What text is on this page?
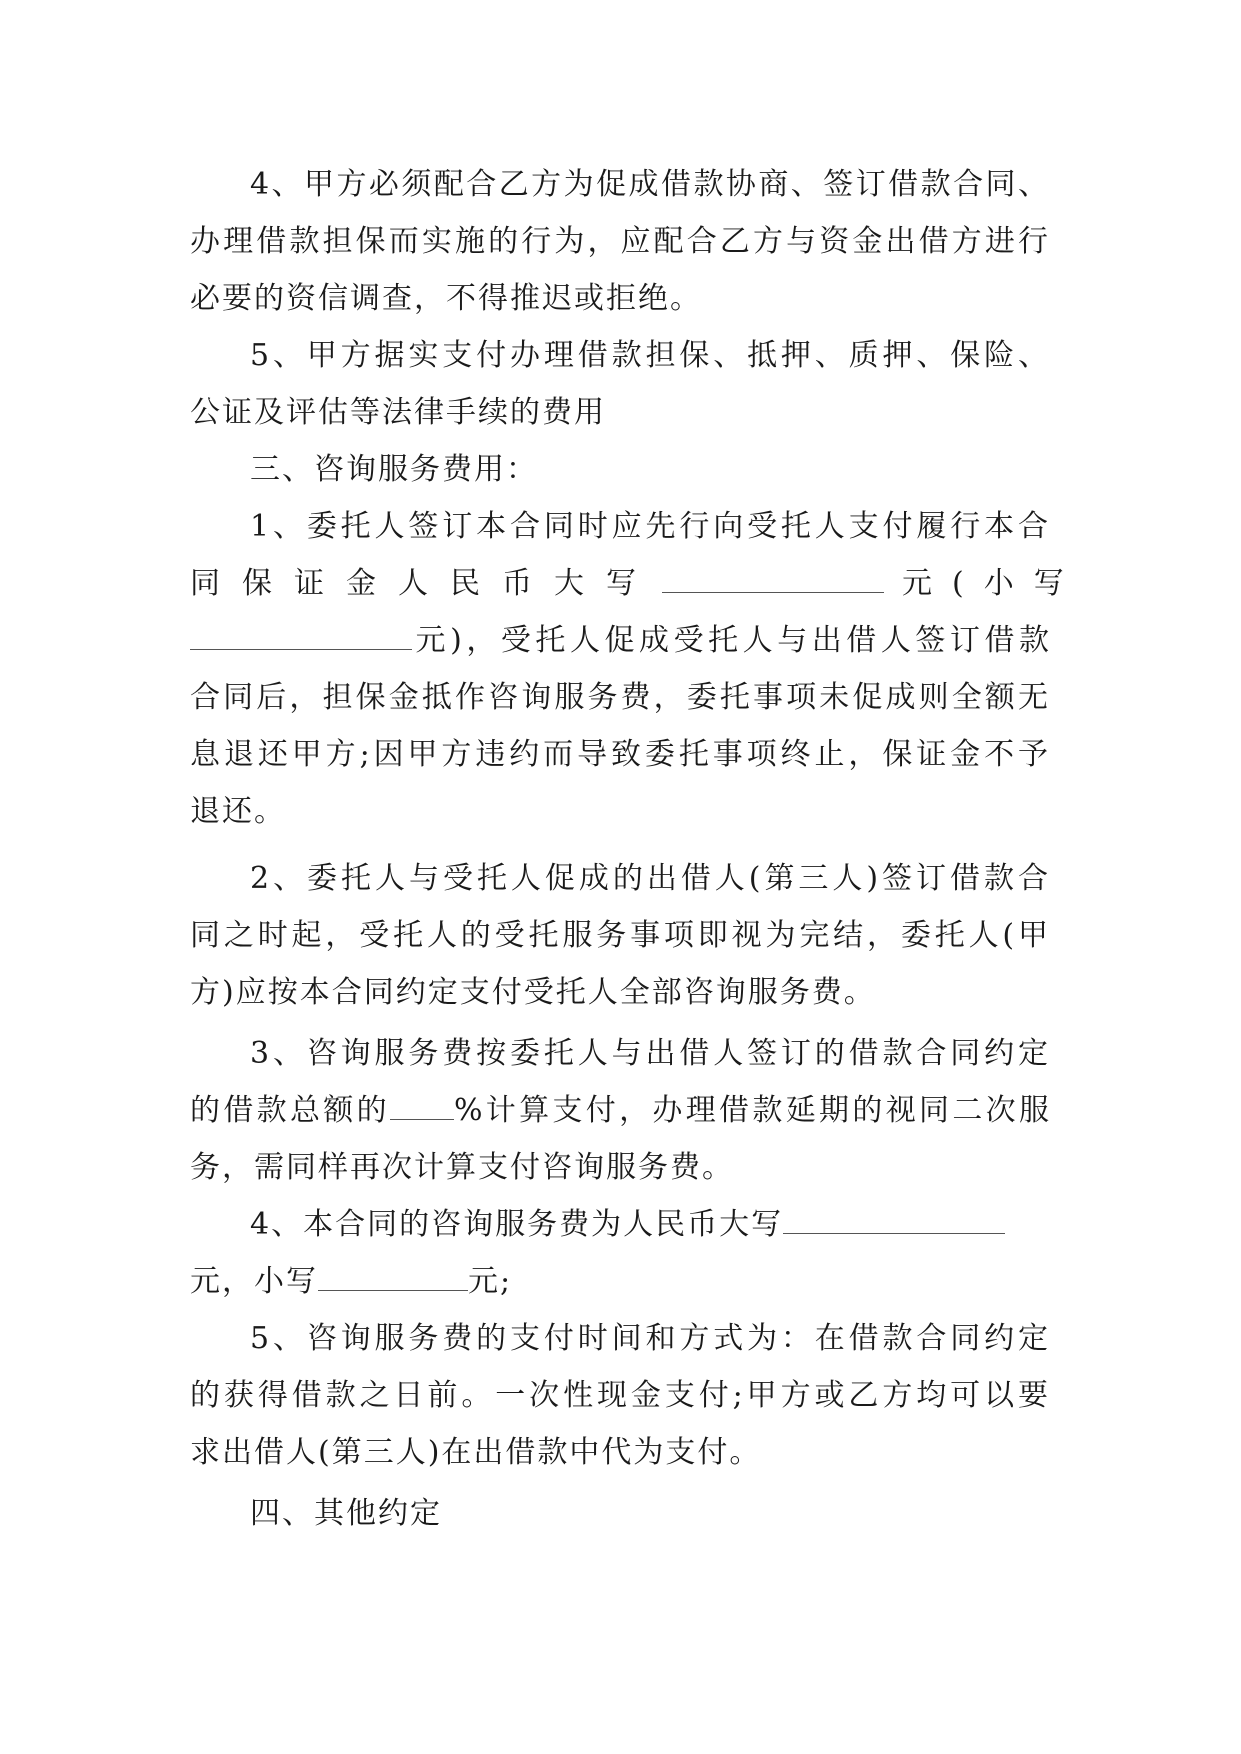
4、甲方必须配合乙方为促成借款协商、签订借款合同、
办理借款担保而实施的行为，应配合乙方与资金出借方进行
必要的资信调查，不得推迟或拒绝。
5、甲方据实支付办理借款担保、抵押、质押、保险、
公证及评估等法律手续的费用
三、咨询服务费用：
1、委托人签订本合同时应先行向受托人支付履行本合
同保证金人民币大写	元(小写
元)，受托人促成受托人与出借人签订借款
合同后，担保金抵作咨询服务费，委托事项未促成则全额无
息退还甲方;因甲方违约而导致委托事项终止，保证金不予
退还。
2、委托人与受托人促成的出借人(第三人)签订借款合
同之时起，受托人的受托服务事项即视为完结，委托人(甲
方)应按本合同约定支付受托人全部咨询服务费。
3、咨询服务费按委托人与出借人签订的借款合同约定
的借款总额的 %计算支付，办理借款延期的视同二次服
务，需同样再次计算支付咨询服务费。
4、本合同的咨询服务费为人民币大写
元，小写	元;
5、咨询服务费的支付时间和方式为：在借款合同约定
的获得借款之日前。一次性现金支付;甲方或乙方均可以要
求出借人(第三人)在出借款中代为支付。
四、其他约定
